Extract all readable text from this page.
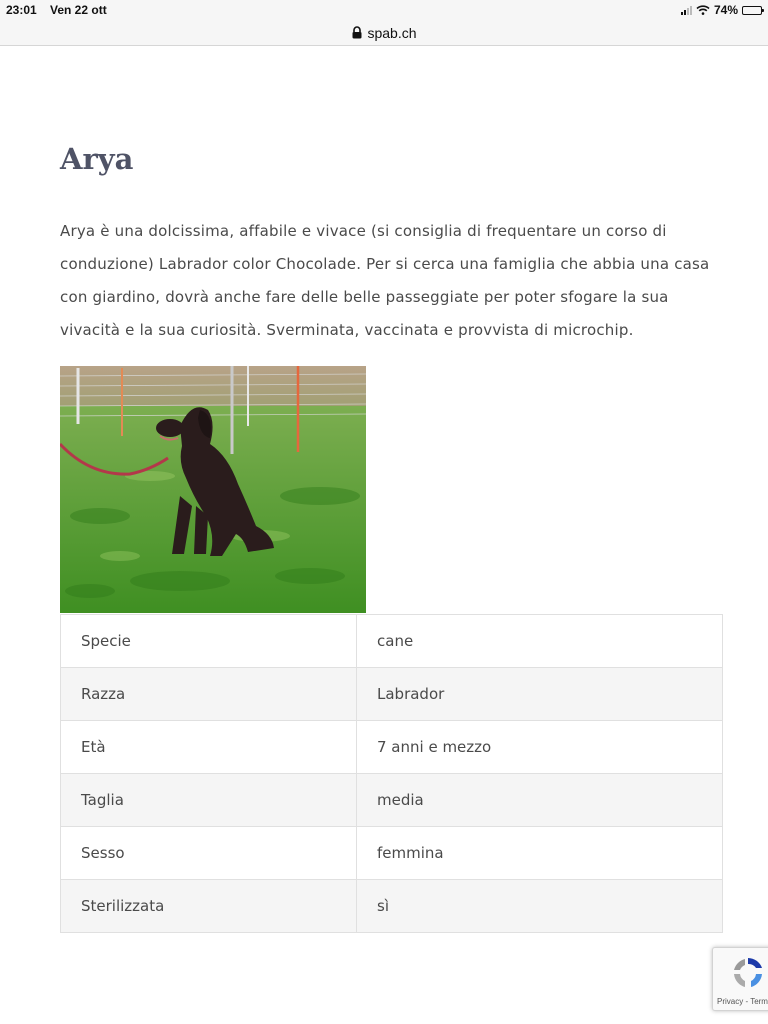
23:01 Ven 22 ott	74%
spab.ch
Arya

Arya è una dolcissima, affabile e vivace (si consiglia di frequentare un corso di conduzione) Labrador color Chocolade. Per si cerca una famiglia che abbia una casa con giardino, dovrà anche fare delle belle passeggiate per poter sfogare la sua vivacità e la sua curiosità. Sverminata, vaccinata e provvista di microchip.

Specie	cane
Razza	Labrador
Età	7 anni e mezzo
Taglia	media
Sesso	femmina
Sterilizzata	sì
Privacy - Term
